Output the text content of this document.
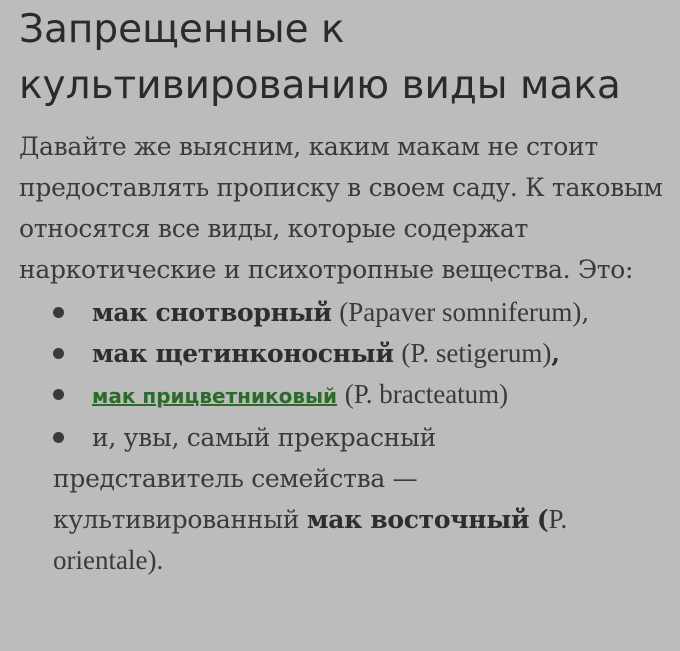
Запрещенные к культивированию виды мака

Давайте же выясним, каким макам не стоит предоставлять прописку в своем саду. К таковым относятся все виды, которые содержат наркотические и психотропные вещества. Это:

мак снотворный (Papaver somniferum),
мак щетинконосный (P. setigerum),
мак прицветниковый (P. bracteatum)
и, увы, самый прекрасный
представитель семейства — культивированный мак восточный (P. orientale).
